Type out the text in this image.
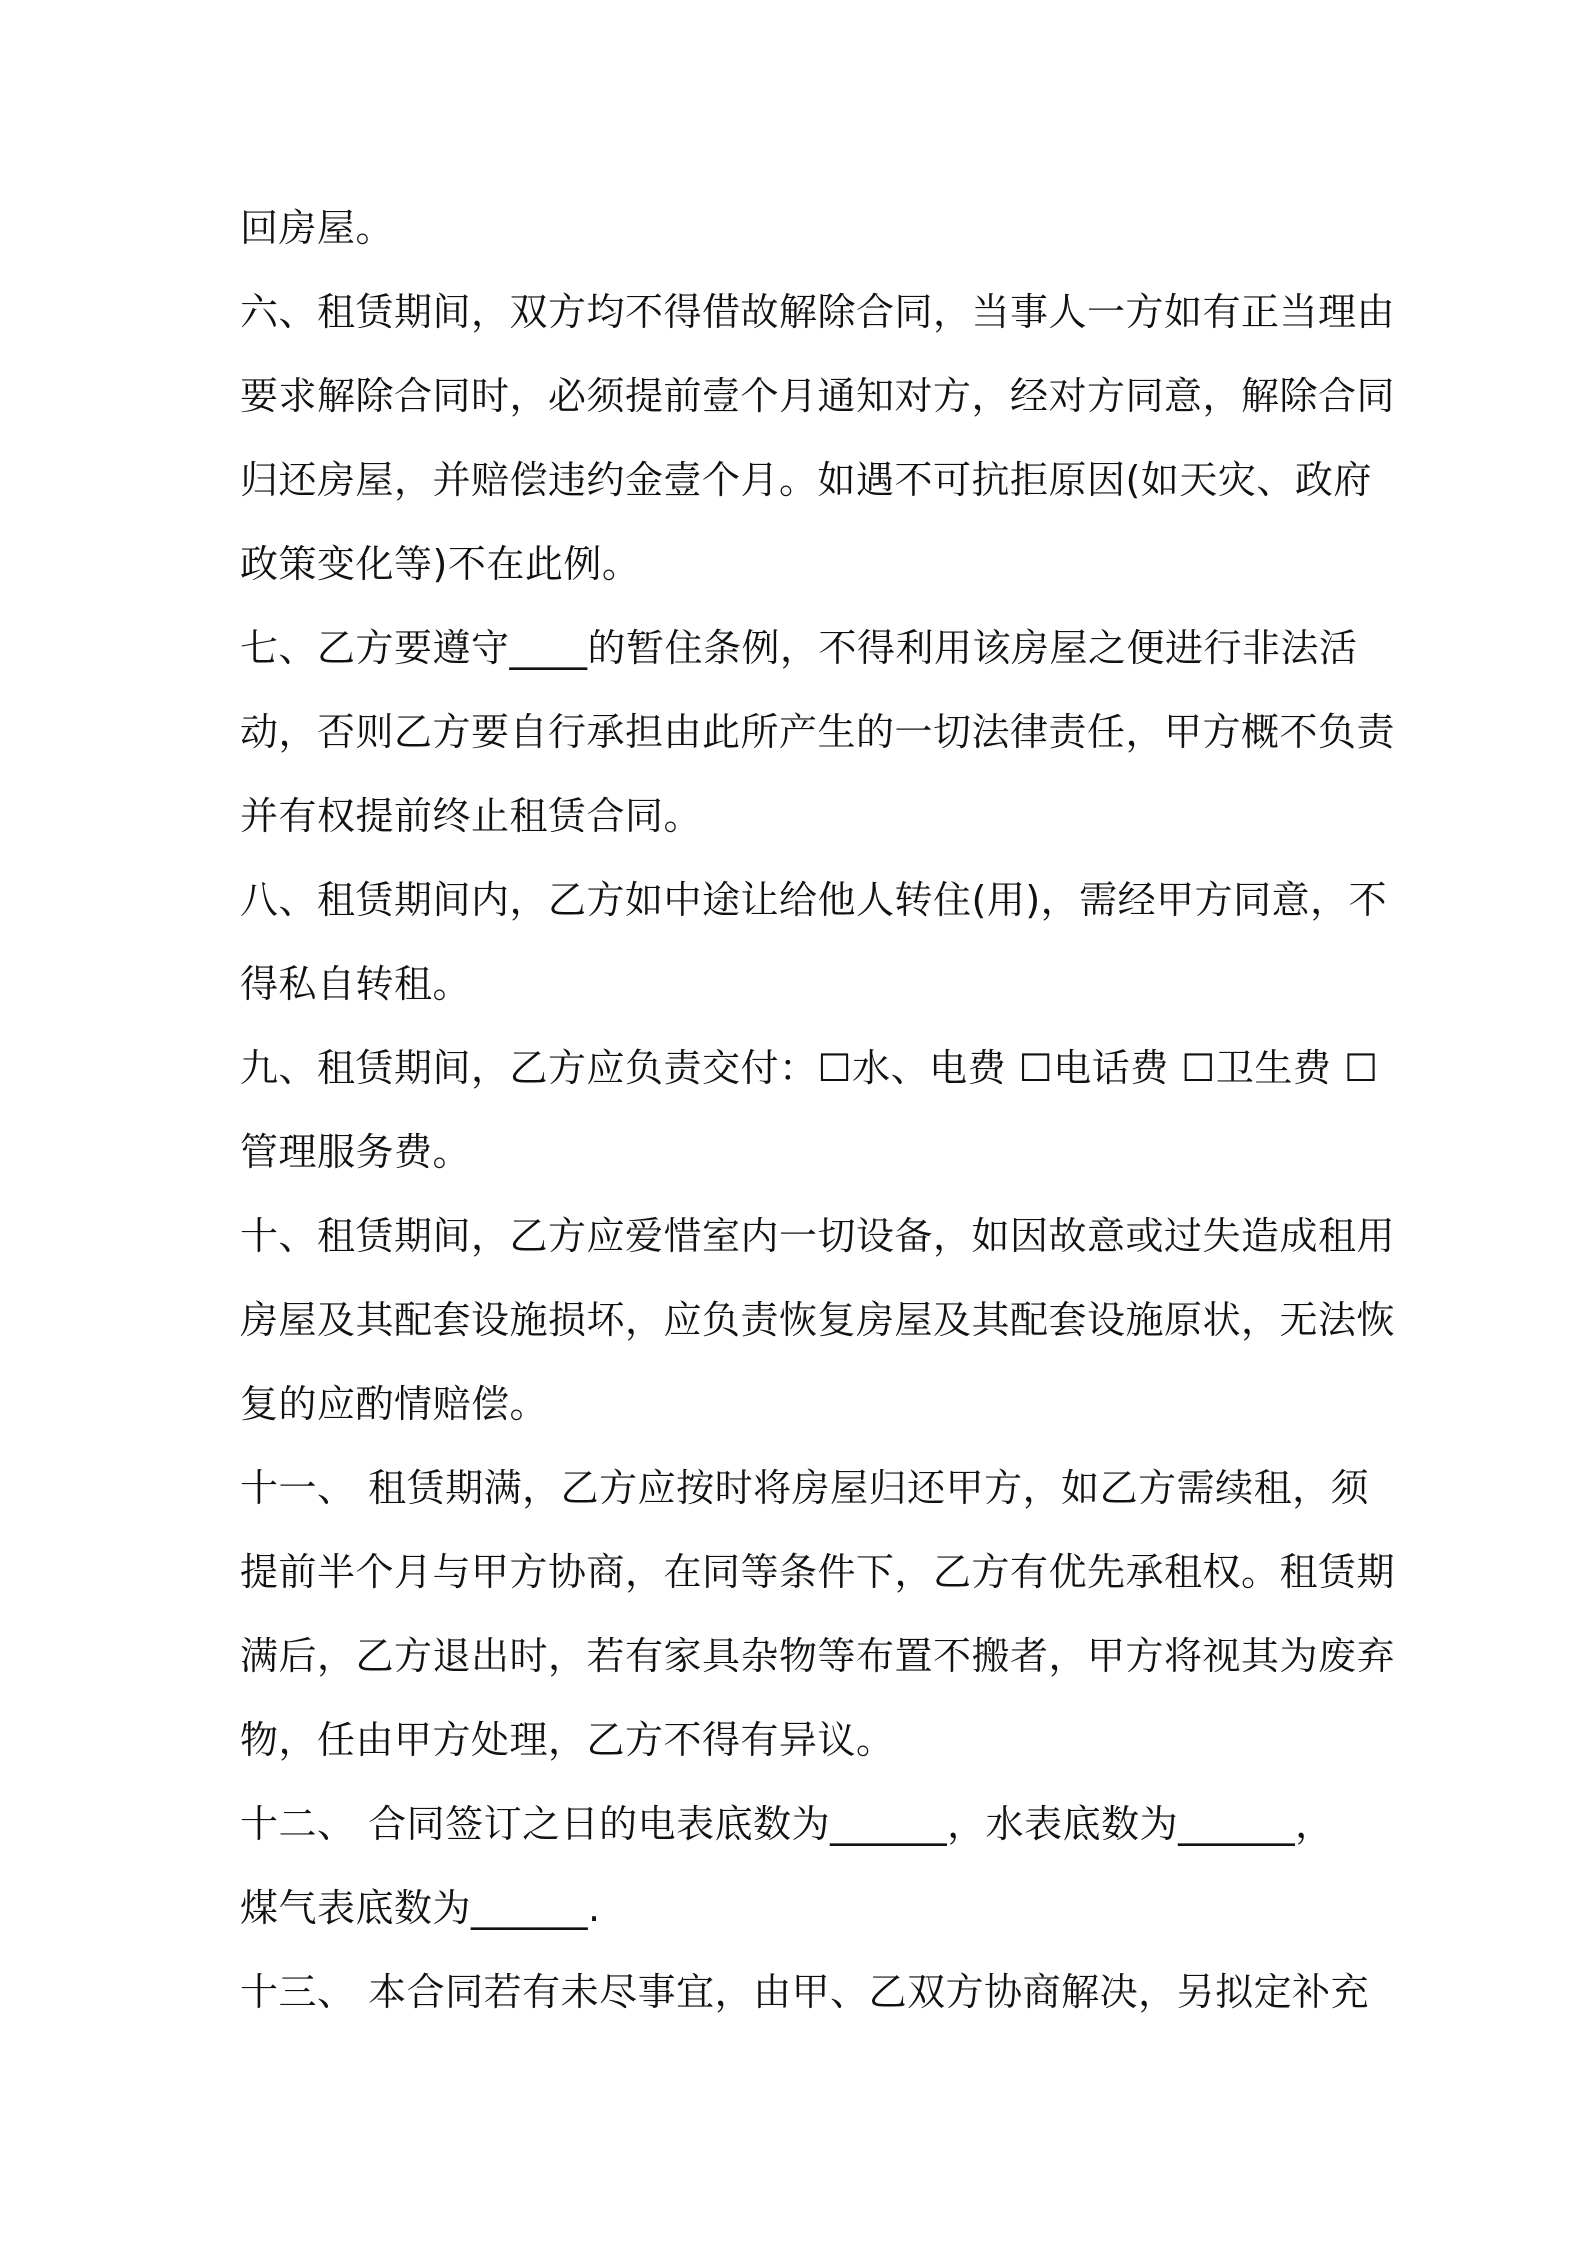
回房屋。
六、租赁期间，双方均不得借故解除合同，当事人一方如有正当理由
要求解除合同时，必须提前壹个月通知对方，经对方同意，解除合同
归还房屋，并赔偿违约金壹个月。如遇不可抗拒原因(如天灾、政府
政策变化等)不在此例。
七、乙方要遵守____的暂住条例，不得利用该房屋之便进行非法活
动，否则乙方要自行承担由此所产生的一切法律责任，甲方概不负责
并有权提前终止租赁合同。
八、租赁期间内，乙方如中途让给他人转住(用)，需经甲方同意，不
得私自转租。
九、租赁期间，乙方应负责交付：☐水、电费 ☐电话费 ☐卫生费 ☐
管理服务费。
十、租赁期间，乙方应爱惜室内一切设备，如因故意或过失造成租用
房屋及其配套设施损坏，应负责恢复房屋及其配套设施原状，无法恢
复的应酌情赔偿。
十一、 租赁期满，乙方应按时将房屋归还甲方，如乙方需续租，须
提前半个月与甲方协商，在同等条件下，乙方有优先承租权。租赁期
满后，乙方退出时，若有家具杂物等布置不搬者，甲方将视其为废弃
物，任由甲方处理，乙方不得有异议。
十二、 合同签订之日的电表底数为______，水表底数为______，
煤气表底数为______.
十三、 本合同若有未尽事宜，由甲、乙双方协商解决，另拟定补充
